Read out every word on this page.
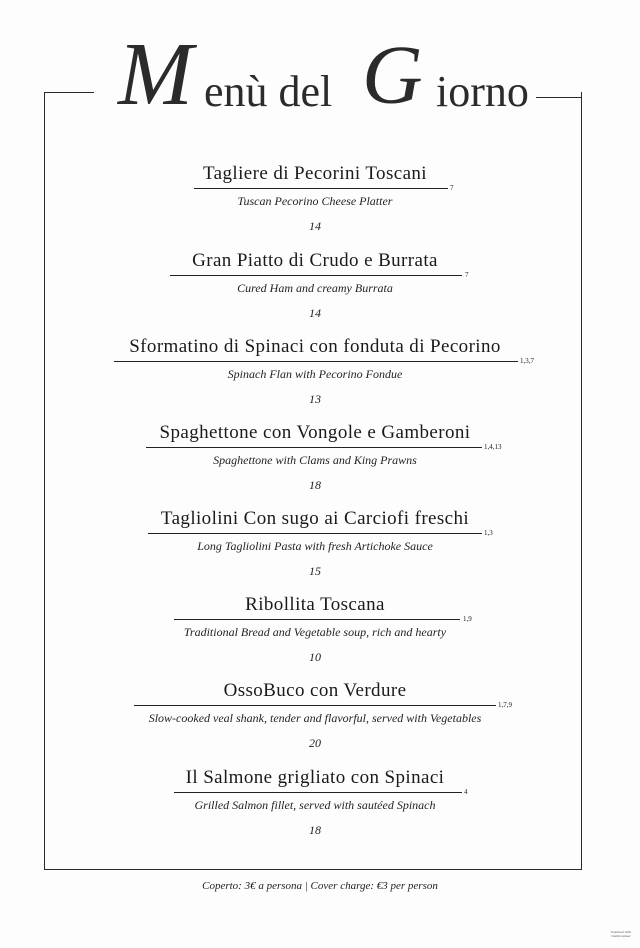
M enù del G iorno
Tagliere di Pecorini Toscani
7
Tuscan Pecorino Cheese Platter
14
Gran Piatto di Crudo e Burrata
7
Cured Ham and creamy Burrata
14
Sformatino di Spinaci con fonduta di Pecorino
1,3,7
Spinach Flan with Pecorino Fondue
13
Spaghettone con Vongole e Gamberoni
1,4,13
Spaghettone with Clams and King Prawns
18
Tagliolini Con sugo ai Carciofi freschi
1,3
Long Tagliolini Pasta with fresh Artichoke Sauce
15
Ribollita Toscana
1,9
Traditional Bread and Vegetable soup, rich and hearty
10
OssoBuco con Verdure
1,7,9
Slow-cooked veal shank, tender and flavorful, served with Vegetables
20
Il Salmone grigliato con Spinaci
4
Grilled Salmon fillet, served with sautéed Spinach
18
Coperto: 3€ a persona | Cover charge: €3 per person
Scanned with CamScanner
